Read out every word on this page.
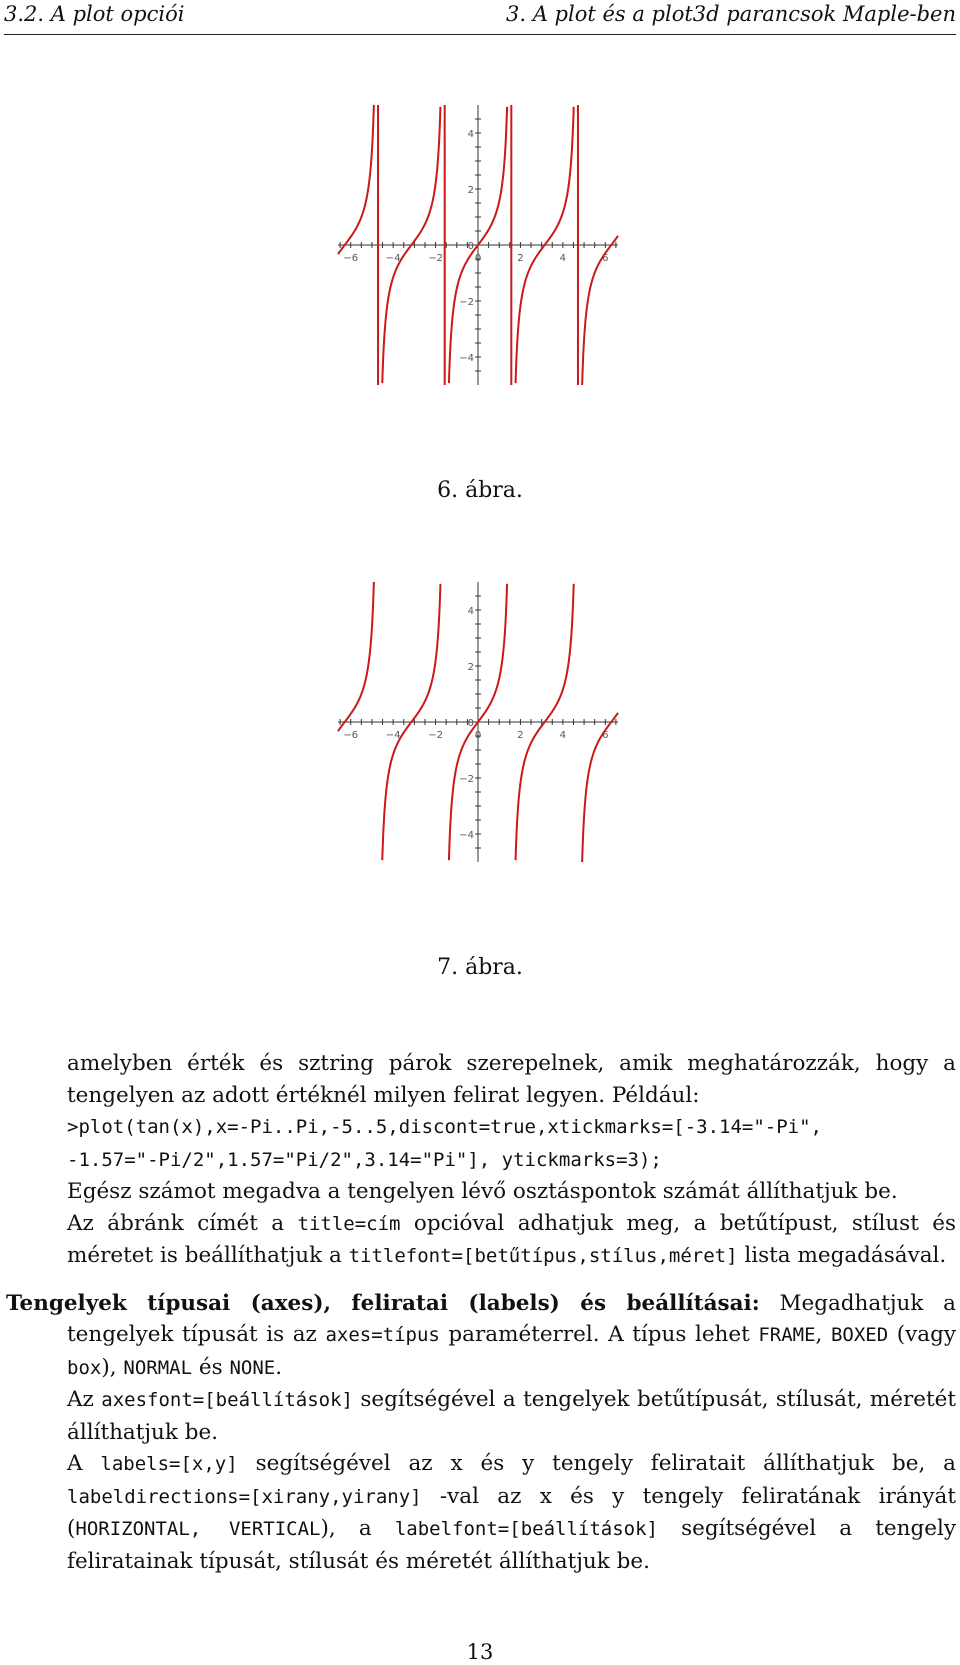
3.2. A plot opciói	3. A plot és a plot3d parancsok Maple-ben
−6	−4	−2	0	2	4	6
4
2
0
−2
−4
6. ábra.
−6	−4	−2	0	2	4	6
4
2
0
−2
−4
7. ábra.

amelyben érték és sztring párok szerepelnek, amik meghatározzák, hogy a tengelyen az adott értéknél milyen felirat legyen. Például:

>plot(tan(x),x=-Pi..Pi,-5..5,discont=true,xtickmarks=[-3.14="-Pi",
-1.57="-Pi/2",1.57="Pi/2",3.14="Pi"], ytickmarks=3);

Egész számot megadva a tengelyen lévő osztáspontok számát állíthatjuk be.

Az ábránk címét a title=cím opcióval adhatjuk meg, a betűtípust, stílust és méretet is beállíthatjuk a titlefont=[betűtípus,stílus,méret] lista megadásával.

Tengelyek típusai (axes), feliratai (labels) és beállításai: Megadhatjuk a tengelyek típusát is az axes=típus paraméterrel. A típus lehet FRAME, BOXED (vagy box), NORMAL és NONE.

Az axesfont=[beállítások] segítségével a tengelyek betűtípusát, stílusát, méretét állíthatjuk be.

A labels=[x,y] segítségével az x és y tengely feliratait állíthatjuk be, a labeldirections=[xirany,yirany] -val az x és y tengely feliratának irányát (HORIZONTAL, VERTICAL), a labelfont=[beállítások] segítségével a tengely feliratainak típusát, stílusát és méretét állíthatjuk be.

13
